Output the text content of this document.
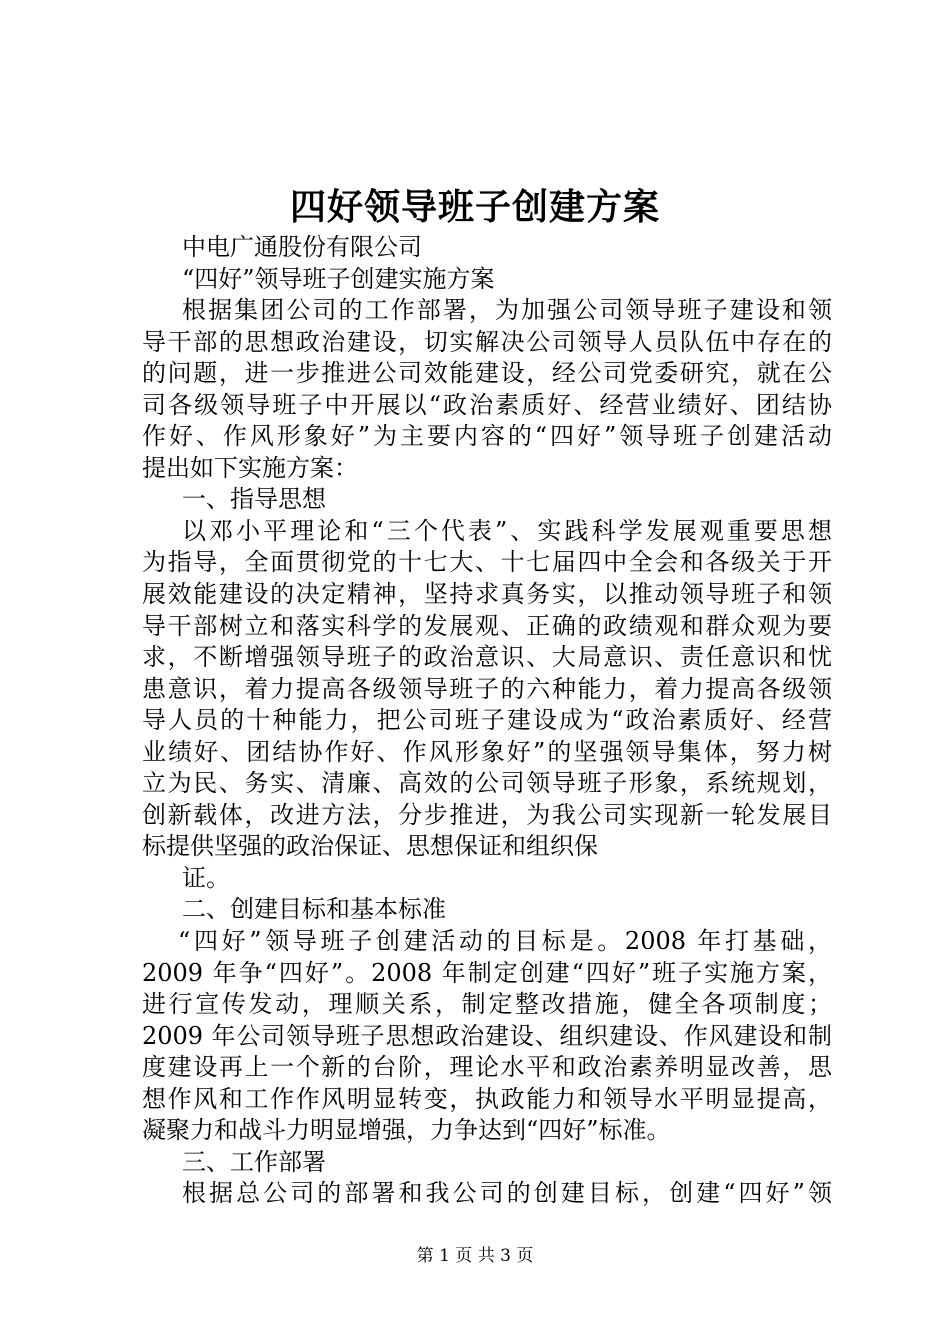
四好领导班子创建方案
中电广通股份有限公司
“四好”领导班子创建实施方案
根据集团公司的工作部署，为加强公司领导班子建设和领
导干部的思想政治建设，切实解决公司领导人员队伍中存在的
的问题，进一步推进公司效能建设，经公司党委研究，就在公
司各级领导班子中开展以“政治素质好、经营业绩好、团结协
作好、作风形象好”为主要内容的“四好”领导班子创建活动
提出如下实施方案：
一、指导思想
以邓小平理论和“三个代表”、实践科学发展观重要思想
为指导，全面贯彻党的十七大、十七届四中全会和各级关于开
展效能建设的决定精神，坚持求真务实，以推动领导班子和领
导干部树立和落实科学的发展观、正确的政绩观和群众观为要
求，不断增强领导班子的政治意识、大局意识、责任意识和忧
患意识，着力提高各级领导班子的六种能力，着力提高各级领
导人员的十种能力，把公司班子建设成为“政治素质好、经营
业绩好、团结协作好、作风形象好”的坚强领导集体，努力树
立为民、务实、清廉、高效的公司领导班子形象，系统规划，
创新载体，改进方法，分步推进，为我公司实现新一轮发展目
标提供坚强的政治保证、思想保证和组织保
证。
二、创建目标和基本标准
“四好”领导班子创建活动的目标是。2008 年打基础，
2009 年争“四好”。2008 年制定创建“四好”班子实施方案，
进行宣传发动，理顺关系，制定整改措施，健全各项制度；
2009 年公司领导班子思想政治建设、组织建设、作风建设和制
度建设再上一个新的台阶，理论水平和政治素养明显改善，思
想作风和工作作风明显转变，执政能力和领导水平明显提高，
凝聚力和战斗力明显增强，力争达到“四好”标准。
三、工作部署
根据总公司的部署和我公司的创建目标，创建“四好”领
第 1 页 共 3 页
